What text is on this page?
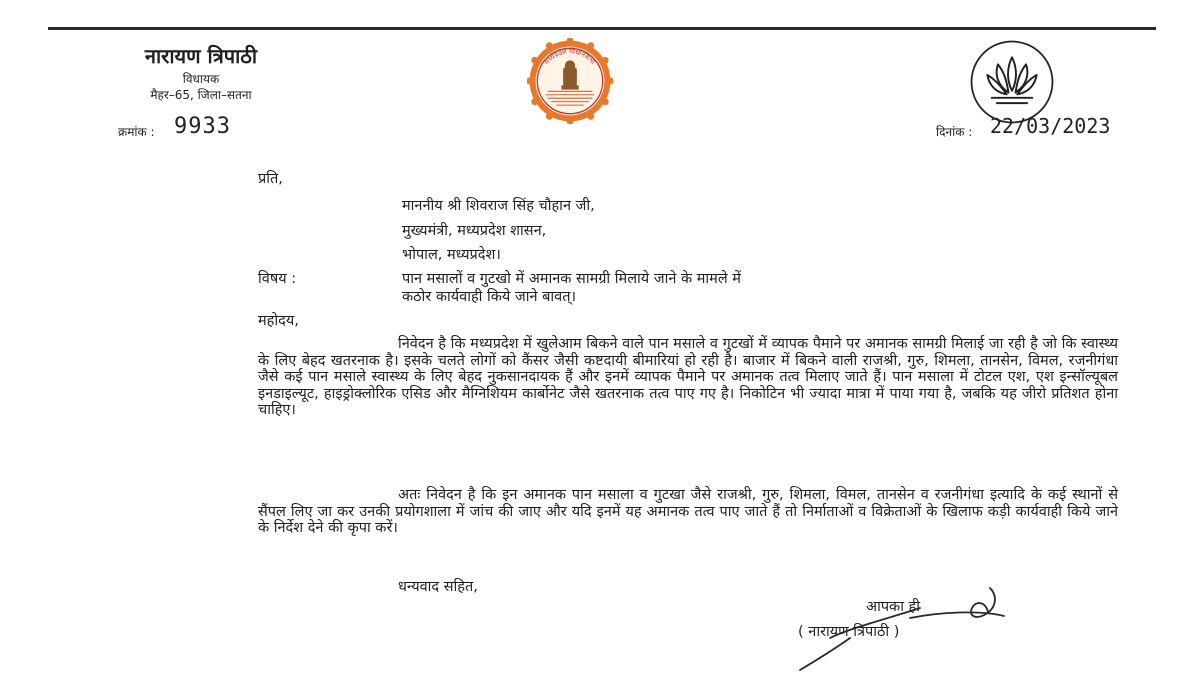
नारायण त्रिपाठी
विधायक
मैहर–65, जिला–सतना
मध्यप्रदेश विधानसभा
क्रमांक : 9933	दिनांक : 22/03/2023
प्रति,
माननीय श्री शिवराज सिंह चौहान जी,
मुख्यमंत्री, मध्यप्रदेश शासन,
भोपाल, मध्यप्रदेश।
विषय :	पान मसालों व गुटखो में अमानक सामग्री मिलाये जाने के मामले में
कठोर कार्यवाही किये जाने बावत्।
महोदय,

निवेदन है कि मध्यप्रदेश में खुलेआम बिकने वाले पान मसाले व गुटखों में व्यापक पैमाने पर अमानक सामग्री मिलाई जा रही है जो कि स्वास्थ्य के लिए बेहद खतरनाक है। इसके चलते लोगों को कैंसर जैसी कष्टदायी बीमारियां हो रही है। बाजार में बिकने वाली राजश्री, गुरु, शिमला, तानसेन, विमल, रजनीगंधा जैसे कई पान मसाले स्वास्थ्य के लिए बेहद नुकसानदायक हैं और इनमें व्यापक पैमाने पर अमानक तत्व मिलाए जाते हैं। पान मसाला में टोटल एश, एश इन्सॉल्यूबल इनडाइल्यूट, हाइड्रोक्लोरिक एसिड और मैग्निशियम कार्बोनेट जैसे खतरनाक तत्व पाए गए है। निकोटिन भी ज्यादा मात्रा में पाया गया है, जबकि यह जीरो प्रतिशत होना चाहिए।

अतः निवेदन है कि इन अमानक पान मसाला व गुटखा जैसे राजश्री, गुरु, शिमला, विमल, तानसेन व रजनीगंधा इत्यादि के कई स्थानों से सैंपल लिए जा कर उनकी प्रयोगशाला में जांच की जाए और यदि इनमें यह अमानक तत्व पाए जाते हैं तो निर्माताओं व विक्रेताओं के खिलाफ कड़ी कार्यवाही किये जाने के निर्देश देने की कृपा करें।

धन्यवाद सहित,
आपका ही
( नारायण त्रिपाठी )
